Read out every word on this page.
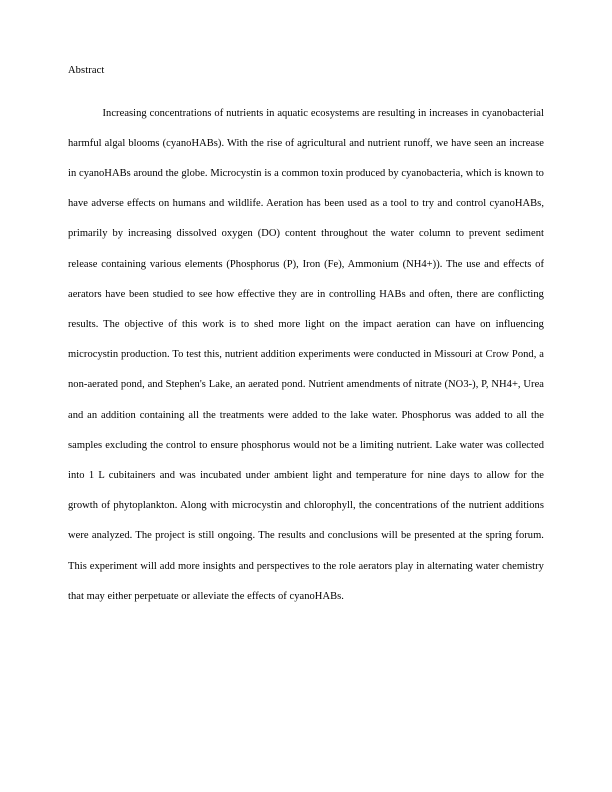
Abstract

Increasing concentrations of nutrients in aquatic ecosystems are resulting in increases in cyanobacterial harmful algal blooms (cyanoHABs). With the rise of agricultural and nutrient runoff, we have seen an increase in cyanoHABs around the globe. Microcystin is a common toxin produced by cyanobacteria, which is known to have adverse effects on humans and wildlife. Aeration has been used as a tool to try and control cyanoHABs, primarily by increasing dissolved oxygen (DO) content throughout the water column to prevent sediment release containing various elements (Phosphorus (P), Iron (Fe), Ammonium (NH4+)). The use and effects of aerators have been studied to see how effective they are in controlling HABs and often, there are conflicting results. The objective of this work is to shed more light on the impact aeration can have on influencing microcystin production. To test this, nutrient addition experiments were conducted in Missouri at Crow Pond, a non-aerated pond, and Stephen's Lake, an aerated pond. Nutrient amendments of nitrate (NO3-), P, NH4+, Urea and an addition containing all the treatments were added to the lake water. Phosphorus was added to all the samples excluding the control to ensure phosphorus would not be a limiting nutrient. Lake water was collected into 1 L cubitainers and was incubated under ambient light and temperature for nine days to allow for the growth of phytoplankton. Along with microcystin and chlorophyll, the concentrations of the nutrient additions were analyzed. The project is still ongoing. The results and conclusions will be presented at the spring forum. This experiment will add more insights and perspectives to the role aerators play in alternating water chemistry that may either perpetuate or alleviate the effects of cyanoHABs.
